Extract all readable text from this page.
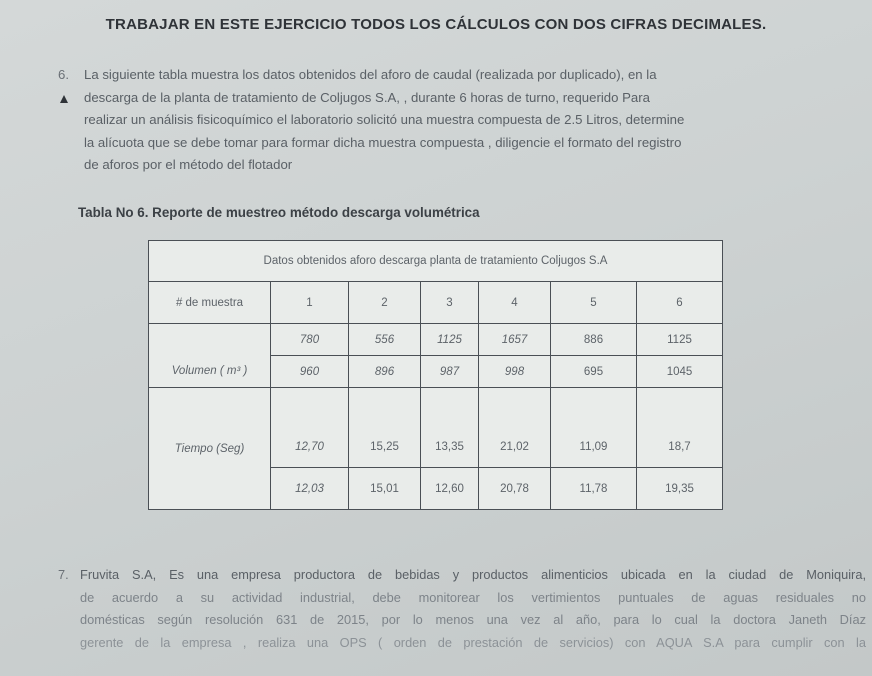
TRABAJAR EN ESTE EJERCICIO TODOS LOS CÁLCULOS CON DOS CIFRAS DECIMALES.
6. La siguiente tabla muestra los datos obtenidos del aforo de caudal (realizada por duplicado), en la
descarga de la planta de tratamiento de Coljugos S.A, , durante 6 horas de turno, requerido Para
realizar un análisis fisicoquímico el laboratorio solicitó una muestra compuesta de 2.5 Litros, determine
la alícuota que se debe tomar para formar dicha muestra compuesta , diligencie el formato del registro
de aforos por el método del flotador
Tabla No 6. Reporte de muestreo método descarga volumétrica
Datos obtenidos aforo descarga planta de tratamiento Coljugos S.A						
# de muestra	1	2	3	4	5	6
Volumen ( m³ )	780	556	1125	1657	886	1125
	960	896	987	998	695	1045
Tiempo (Seg)	12,70	15,25	13,35	21,02	11,09	18,7
	12,03	15,01	12,60	20,78	11,78	19,35
7. Fruvita S.A, Es una empresa productora de bebidas y productos alimenticios ubicada en la ciudad de Moniquira,
de acuerdo a su actividad industrial, debe monitorear los vertimientos puntuales de aguas residuales no
domésticas según resolución 631 de 2015, por lo menos una vez al año, para lo cual la doctora Janeth Díaz
gerente de la empresa , realiza una OPS ( orden de prestación de servicios) con AQUA S.A para cumplir con la
